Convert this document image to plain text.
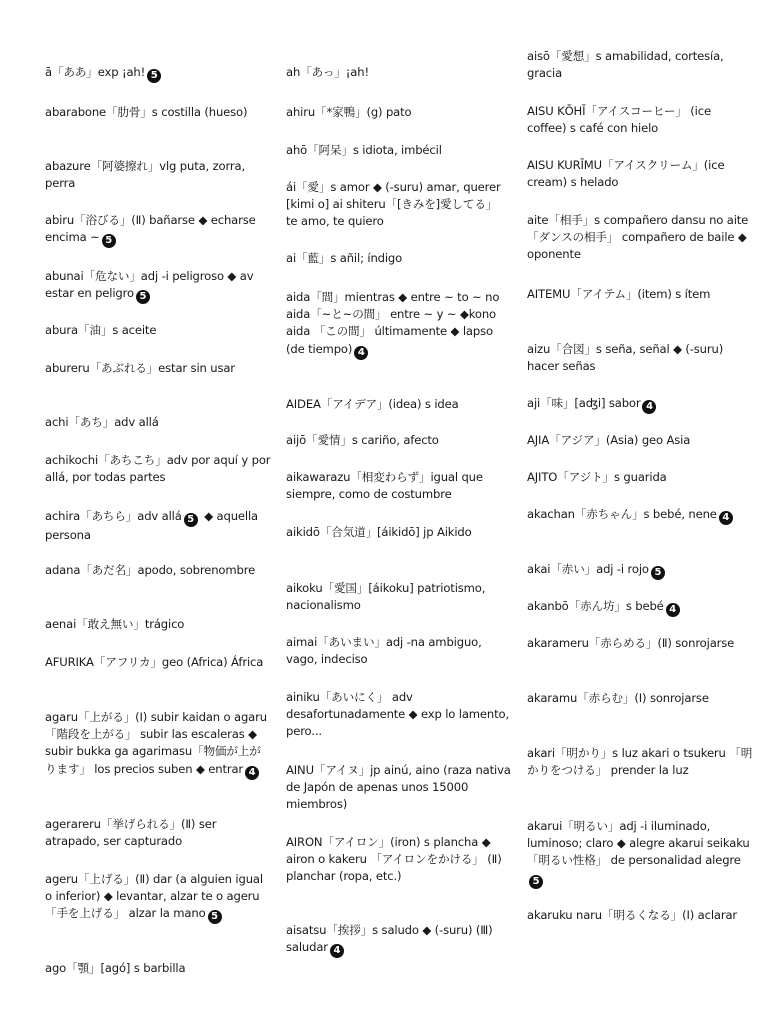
ā「ああ」exp ¡ah! 5
abarabone「肋骨」s costilla (hueso)
abazure「阿婆擦れ」vlg puta, zorra, perra
abiru「浴びる」(Ⅱ) bañarse ◆ echarse encima ~ 5
abunai「危ない」adj -i peligroso ◆ av estar en peligro 5
abura「油」s aceite
abureru「あぶれる」estar sin usar
achi「あち」adv allá
achikochi「あちこち」adv por aquí y por allá, por todas partes
achira「あちら」adv allá 5 ◆ aquella persona
adana「あだ名」apodo, sobrenombre
aenai「敢え無い」trágico
AFURIKA「アフリカ」geo (Africa) África
agaru「上がる」(Ⅰ) subir kaidan o agaru 「階段を上がる」 subir las escaleras ◆ subir bukka ga agarimasu「物価が上がります」 los precios suben ◆ entrar 4
agerareru「挙げられる」(Ⅱ) ser atrapado, ser capturado
ageru「上げる」(Ⅱ) dar (a alguien igual o inferior) ◆ levantar, alzar te o ageru 「手を上げる」 alzar la mano 5
ago「顎」[agó] s barbilla
ah「あっ」¡ah!
ahiru「*家鴨」(g) pato
ahō「阿呆」s idiota, imbécil
ái「愛」s amor ◆ (-suru) amar, querer [kimi o] ai shiteru「[きみを]愛してる」 te amo, te quiero
ai「藍」s añil; índigo
aida「間」mientras ◆ entre ~ to ~ no aida「~と~の間」 entre ~ y ~ ◆kono aida 「この間」 últimamente ◆ lapso (de tiempo) 4
AIDEA「アイデア」(idea) s idea
aijō「愛情」s cariño, afecto
aikawarazu「相変わらず」igual que siempre, como de costumbre
aikidō「合気道」[áikidō] jp Aikido
aikoku「愛国」[áikoku] patriotismo, nacionalismo
aimai「あいまい」adj -na ambiguo, vago, indeciso
ainiku「あいにく」 adv desafortunadamente ◆ exp lo lamento, pero...
AINU「アイヌ」jp ainú, aino (raza nativa de Japón de apenas unos 15000 miembros)
AIRON「アイロン」(iron) s plancha ◆ airon o kakeru 「アイロンをかける」 (Ⅱ) planchar (ropa, etc.)
aisatsu「挨拶」s saludo ◆ (-suru) (Ⅲ) saludar 4
aisō「愛想」s amabilidad, cortesía, gracia
AISU KŌHĪ「アイスコーヒー」 (ice coffee) s café con hielo
AISU KURĪMU「アイスクリーム」(ice cream) s helado
aite「相手」s compañero dansu no aite 「ダンスの相手」 compañero de baile ◆ oponente
AITEMU「アイテム」(item) s ítem
aizu「合図」s seña, señal ◆ (-suru) hacer señas
aji「味」[aʤi] sabor 4
AJIA「アジア」(Asia) geo Asia
AJITO「アジト」s guarida
akachan「赤ちゃん」s bebé, nene 4
akai「赤い」adj -i rojo 5
akanbō「赤ん坊」s bebé 4
akarameru「赤らめる」(Ⅱ) sonrojarse
akaramu「赤らむ」(Ⅰ) sonrojarse
akari「明かり」s luz akari o tsukeru 「明かりをつける」 prender la luz
akarui「明るい」adj -i iluminado, luminoso; claro ◆ alegre akarui seikaku 「明るい性格」 de personalidad alegre5
akaruku naru「明るくなる」(Ⅰ) aclarar
